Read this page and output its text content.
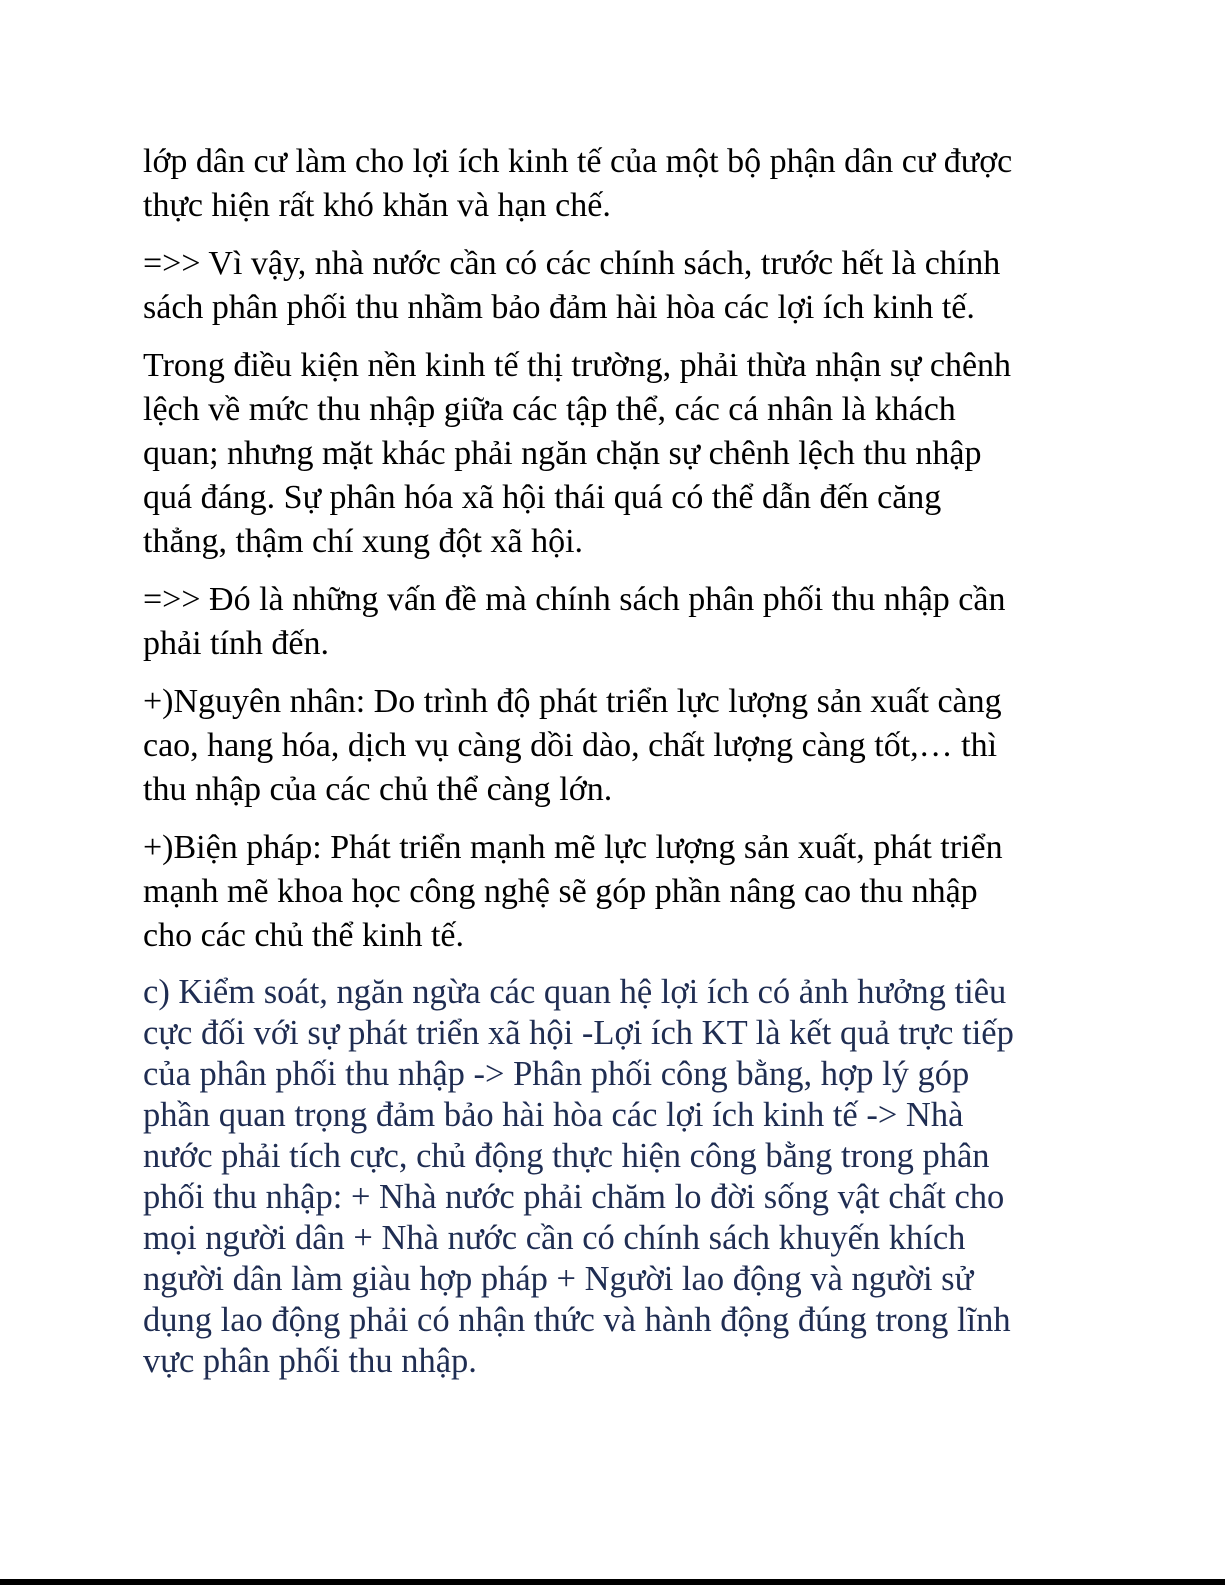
lớp dân cư làm cho lợi ích kinh tế của một bộ phận dân cư được
thực hiện rất khó khăn và hạn chế.

=>> Vì vậy, nhà nước cần có các chính sách, trước hết là chính
sách phân phối thu nhầm bảo đảm hài hòa các lợi ích kinh tế.

Trong điều kiện nền kinh tế thị trường, phải thừa nhận sự chênh
lệch về mức thu nhập giữa các tập thể, các cá nhân là khách
quan; nhưng mặt khác phải ngăn chặn sự chênh lệch thu nhập
quá đáng. Sự phân hóa xã hội thái quá có thể dẫn đến căng
thẳng, thậm chí xung đột xã hội.

=>> Đó là những vấn đề mà chính sách phân phối thu nhập cần
phải tính đến.

+)Nguyên nhân: Do trình độ phát triển lực lượng sản xuất càng
cao, hang hóa, dịch vụ càng dồi dào, chất lượng càng tốt,… thì
thu nhập của các chủ thể càng lớn.

+)Biện pháp: Phát triển mạnh mẽ lực lượng sản xuất, phát triển
mạnh mẽ khoa học công nghệ sẽ góp phần nâng cao thu nhập
cho các chủ thể kinh tế.

c) Kiểm soát, ngăn ngừa các quan hệ lợi ích có ảnh hưởng tiêu
cực đối với sự phát triển xã hội -Lợi ích KT là kết quả trực tiếp
của phân phối thu nhập -> Phân phối công bằng, hợp lý góp
phần quan trọng đảm bảo hài hòa các lợi ích kinh tế -> Nhà
nước phải tích cực, chủ động thực hiện công bằng trong phân
phối thu nhập: + Nhà nước phải chăm lo đời sống vật chất cho
mọi người dân + Nhà nước cần có chính sách khuyến khích
người dân làm giàu hợp pháp + Người lao động và người sử
dụng lao động phải có nhận thức và hành động đúng trong lĩnh
vực phân phối thu nhập.
